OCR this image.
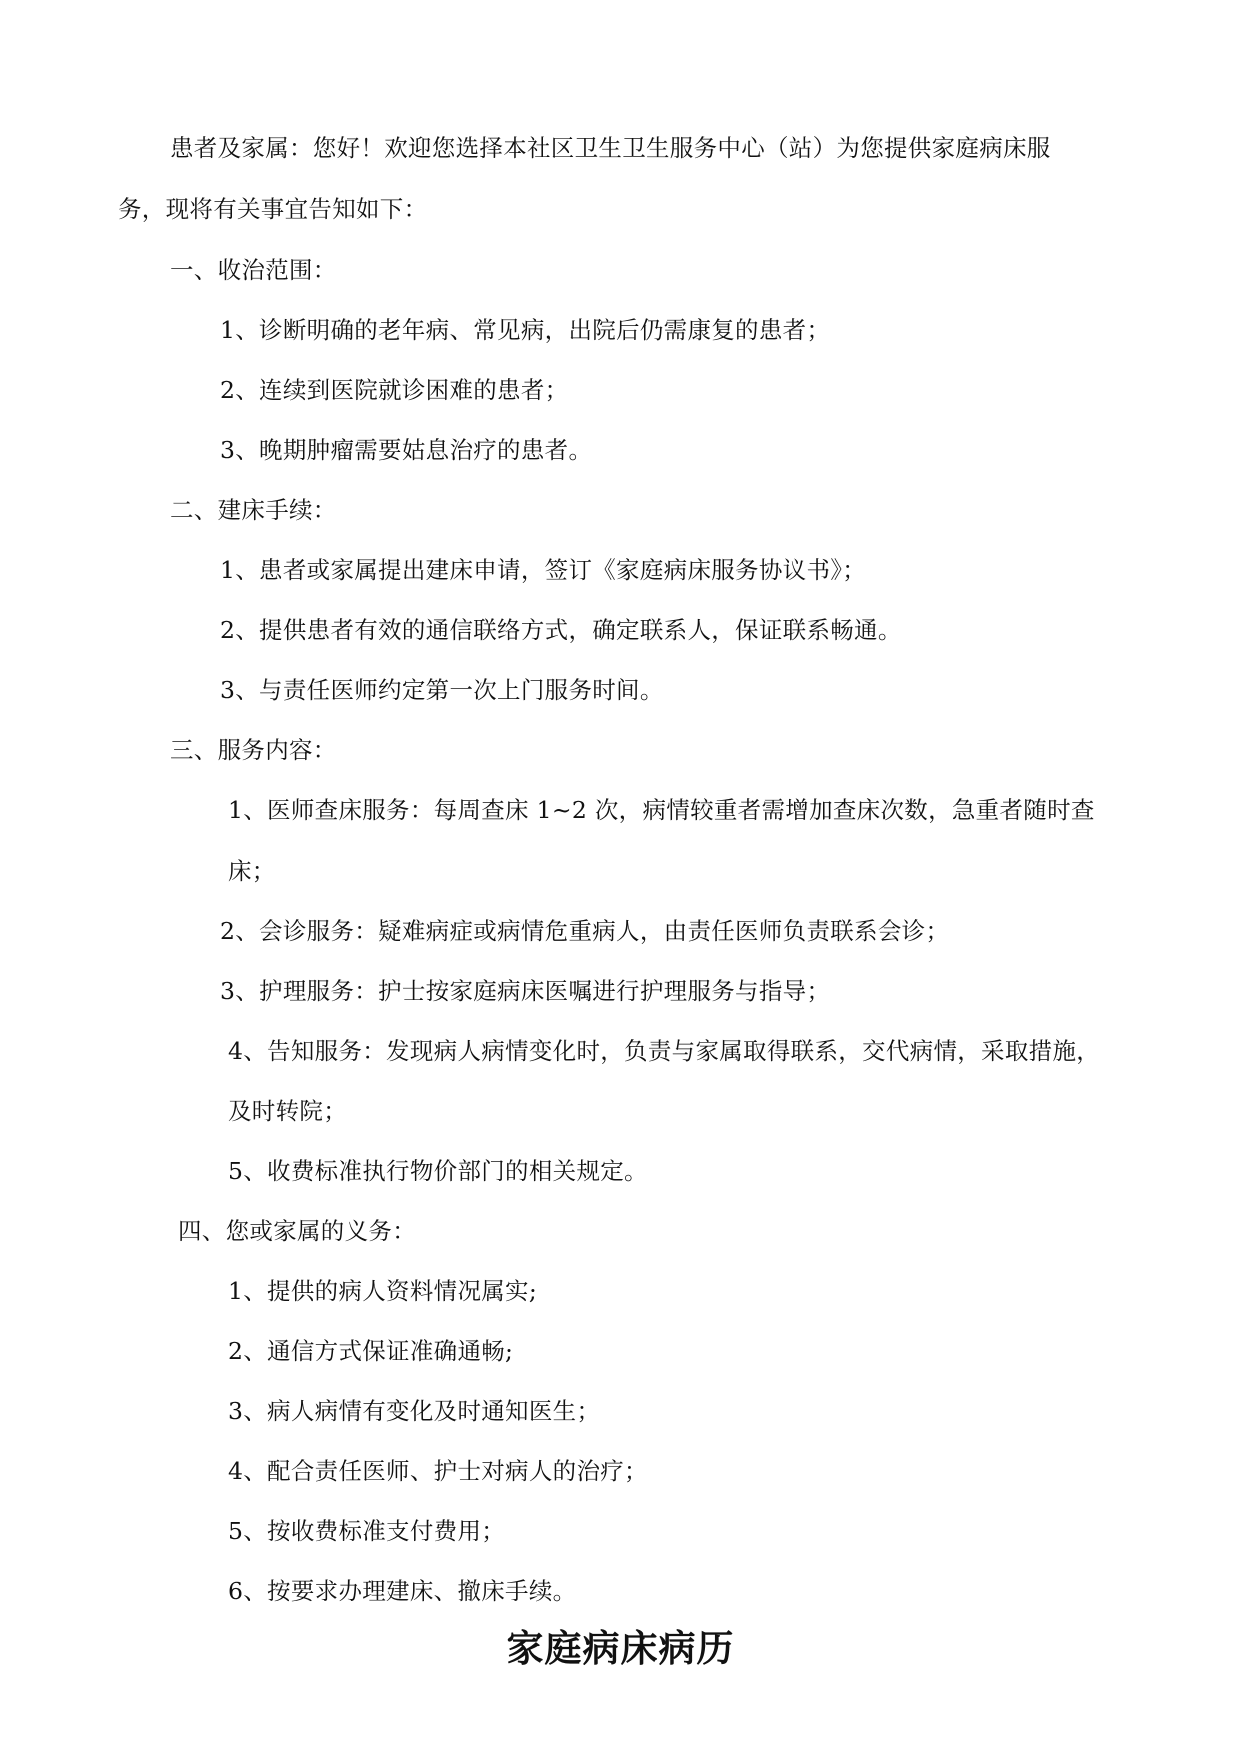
患者及家属：您好！欢迎您选择本社区卫生卫生服务中心（站）为您提供家庭病床服

务，现将有关事宜告知如下：

一、收治范围：

1、诊断明确的老年病、常见病，出院后仍需康复的患者；

2、连续到医院就诊困难的患者；

3、晚期肿瘤需要姑息治疗的患者。

二、建床手续：

1、患者或家属提出建床申请，签订《家庭病床服务协议书》；

2、提供患者有效的通信联络方式，确定联系人，保证联系畅通。

3、与责任医师约定第一次上门服务时间。

三、服务内容：

1、医师查床服务：每周查床 1~2 次，病情较重者需增加查床次数，急重者随时查

床；

2、会诊服务：疑难病症或病情危重病人，由责任医师负责联系会诊；

3、护理服务：护士按家庭病床医嘱进行护理服务与指导；

4、告知服务：发现病人病情变化时，负责与家属取得联系，交代病情，采取措施，

及时转院；

5、收费标准执行物价部门的相关规定。

四、您或家属的义务：

1、提供的病人资料情况属实;

2、通信方式保证准确通畅;

3、病人病情有变化及时通知医生；

4、配合责任医师、护士对病人的治疗；

5、按收费标准支付费用；

6、按要求办理建床、撤床手续。

家庭病床病历
